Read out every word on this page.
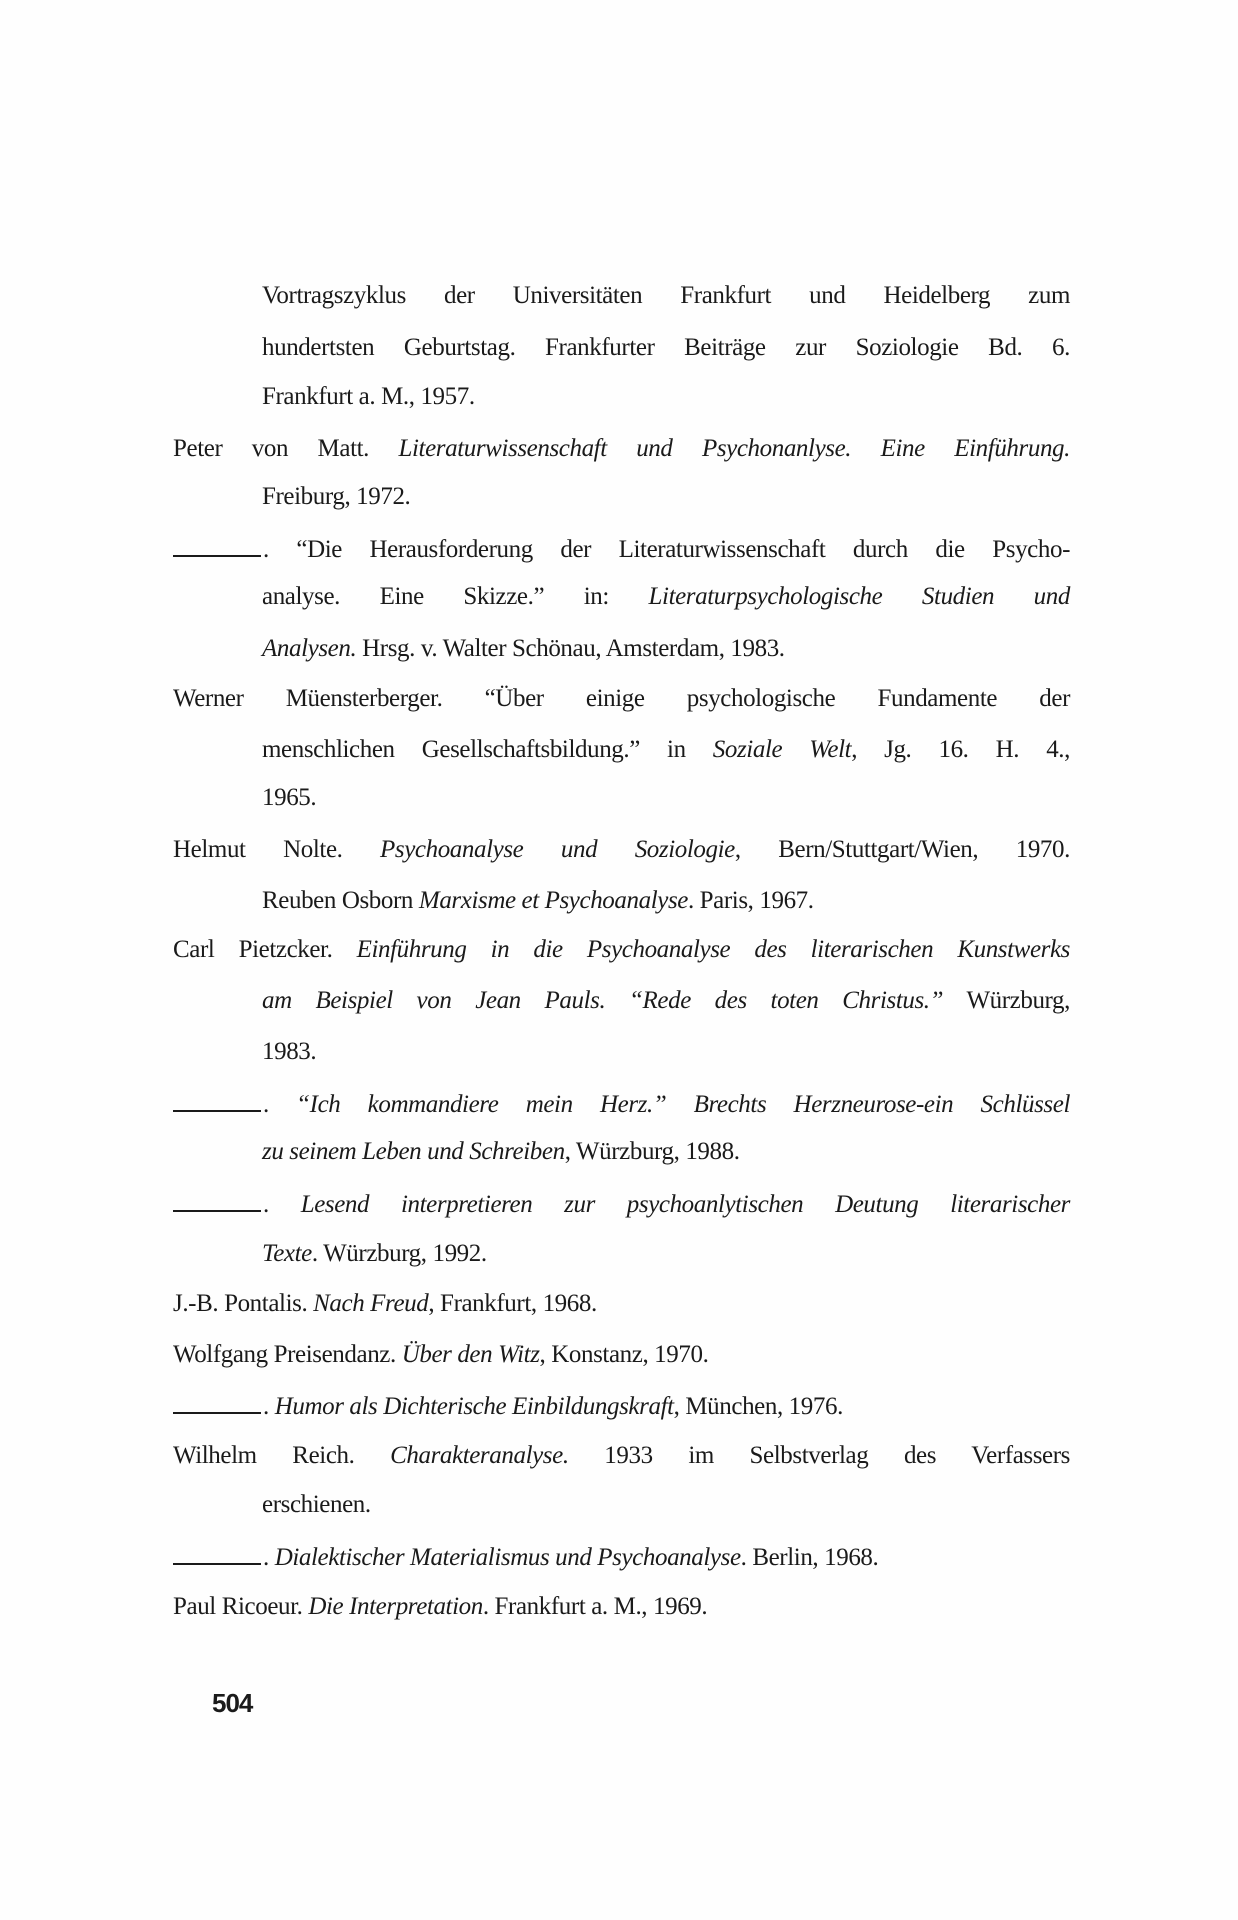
Vortragszyklus der Universitäten Frankfurt und Heidelberg zum
hundertsten Geburtstag. Frankfurter Beiträge zur Soziologie Bd. 6.
Frankfurt a. M., 1957.
Peter von Matt. Literaturwissenschaft und Psychonanlyse. Eine Einführung.
Freiburg, 1972.
. “Die Herausforderung der Literaturwissenschaft durch die Psycho-
analyse. Eine Skizze.” in: Literaturpsychologische Studien und
Analysen. Hrsg. v. Walter Schönau, Amsterdam, 1983.
Werner Müensterberger. “Über einige psychologische Fundamente der
menschlichen Gesellschaftsbildung.” in Soziale Welt, Jg. 16. H. 4.,
1965.
Helmut Nolte. Psychoanalyse und Soziologie, Bern/Stuttgart/Wien, 1970.
Reuben Osborn Marxisme et Psychoanalyse. Paris, 1967.
Carl Pietzcker. Einführung in die Psychoanalyse des literarischen Kunstwerks
am Beispiel von Jean Pauls. “Rede des toten Christus.” Würzburg,
1983.
. “Ich kommandiere mein Herz.” Brechts Herzneurose-ein Schlüssel
zu seinem Leben und Schreiben, Würzburg, 1988.
. Lesend interpretieren zur psychoanlytischen Deutung literarischer
Texte. Würzburg, 1992.
J.-B. Pontalis. Nach Freud, Frankfurt, 1968.
Wolfgang Preisendanz. Über den Witz, Konstanz, 1970.
. Humor als Dichterische Einbildungskraft, München, 1976.
Wilhelm Reich. Charakteranalyse. 1933 im Selbstverlag des Verfassers
erschienen.
. Dialektischer Materialismus und Psychoanalyse. Berlin, 1968.
Paul Ricoeur. Die Interpretation. Frankfurt a. M., 1969.
504
